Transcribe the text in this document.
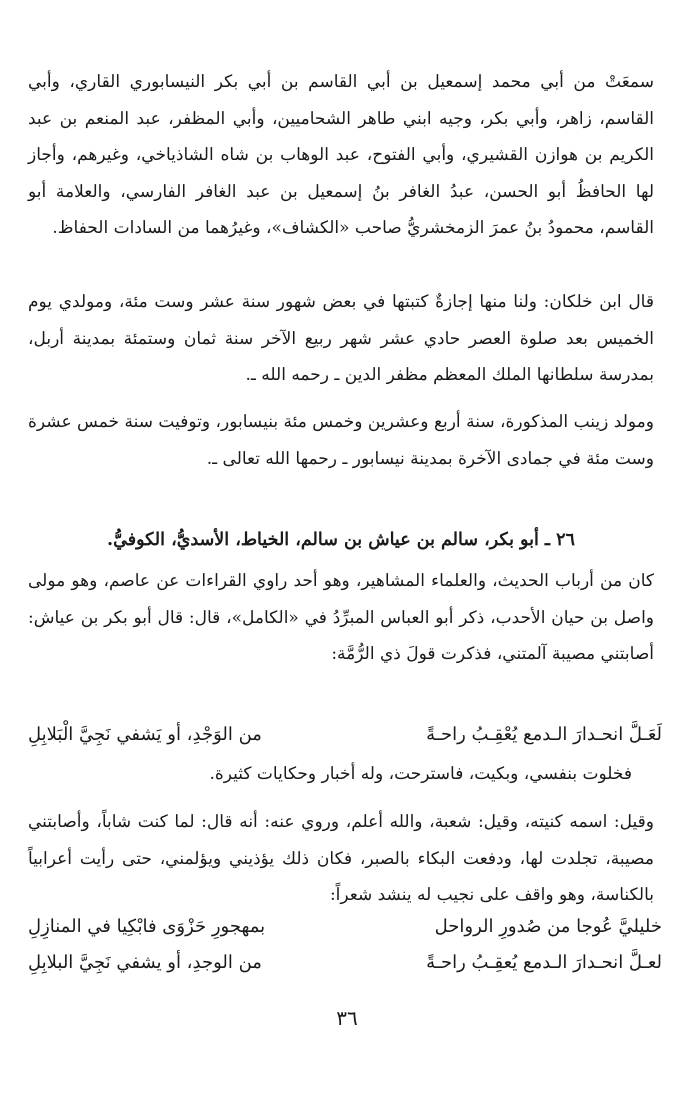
سمعَتْ من أبي محمد إسمعيل بن أبي القاسم بن أبي بكر النيسابوري القاري، وأبي القاسم، زاهر، وأبي بكر، وجيه ابني طاهر الشحاميين، وأبي المظفر، عبد المنعم بن عبد الكريم بن هوازن القشيري، وأبي الفتوح، عبد الوهاب بن شاه الشاذياخي، وغيرهم، وأجاز لها الحافظُ أبو الحسن، عبدُ الغافر بنُ إسمعيل بن عبد الغافر الفارسي، والعلامة أبو القاسم، محمودُ بنُ عمرَ الزمخشريُّ صاحب «الكشاف»، وغيرُهما من السادات الحفاظ.

قال ابن خلكان: ولنا منها إجازةٌ كتبتها في بعض شهور سنة عشر وست مئة، ومولدي يوم الخميس بعد صلوة العصر حادي عشر شهر ربيع الآخر سنة ثمان وستمئة بمدينة أربل، بمدرسة سلطانها الملك المعظم مظفر الدين ـ رحمه الله ـ.

ومولد زينب المذكورة، سنة أربع وعشرين وخمس مئة بنيسابور، وتوفيت سنة خمس عشرة وست مئة في جمادى الآخرة بمدينة نيسابور ـ رحمها الله تعالى ـ.

٢٦ ـ أبو بكر، سالم بن عياش بن سالم، الخياط، الأسديُّ، الكوفيُّ.

كان من أرباب الحديث، والعلماء المشاهير، وهو أحد راوي القراءات عن عاصم، وهو مولى واصل بن حيان الأحدب، ذكر أبو العباس المبرِّدُ في «الكامل»، قال: قال أبو بكر بن عياش: أصابتني مصيبة آلمتني، فذكرت قولَ ذي الرُّمَّة:

لَعَـلَّ انحـدارَ الـدمع يُعْقِـبُ راحـةً
من الوَجْدِ، أو يَشفي نَجِيَّ الْبَلابِلِ

فخلوت بنفسي، وبكيت، فاسترحت، وله أخبار وحكايات كثيرة.

وقيل: اسمه كنيته، وقيل: شعبة، والله أعلم، وروي عنه: أنه قال: لما كنت شاباً، وأصابتني مصيبة، تجلدت لها، ودفعت البكاء بالصبر، فكان ذلك يؤذيني ويؤلمني، حتى رأيت أعرابياً بالكناسة، وهو واقف على نجيب له ينشد شعراً:

خليليَّ عُوجا من صُدورِ الرواحل
بمهجورِ حَزْوَى فابْكِيا في المنازِلِ
لعـلَّ انحـدارَ الـدمع يُعقِـبُ راحـةً
من الوجدِ، أو يشفي نَجِيَّ البلابِلِ
٣٦
